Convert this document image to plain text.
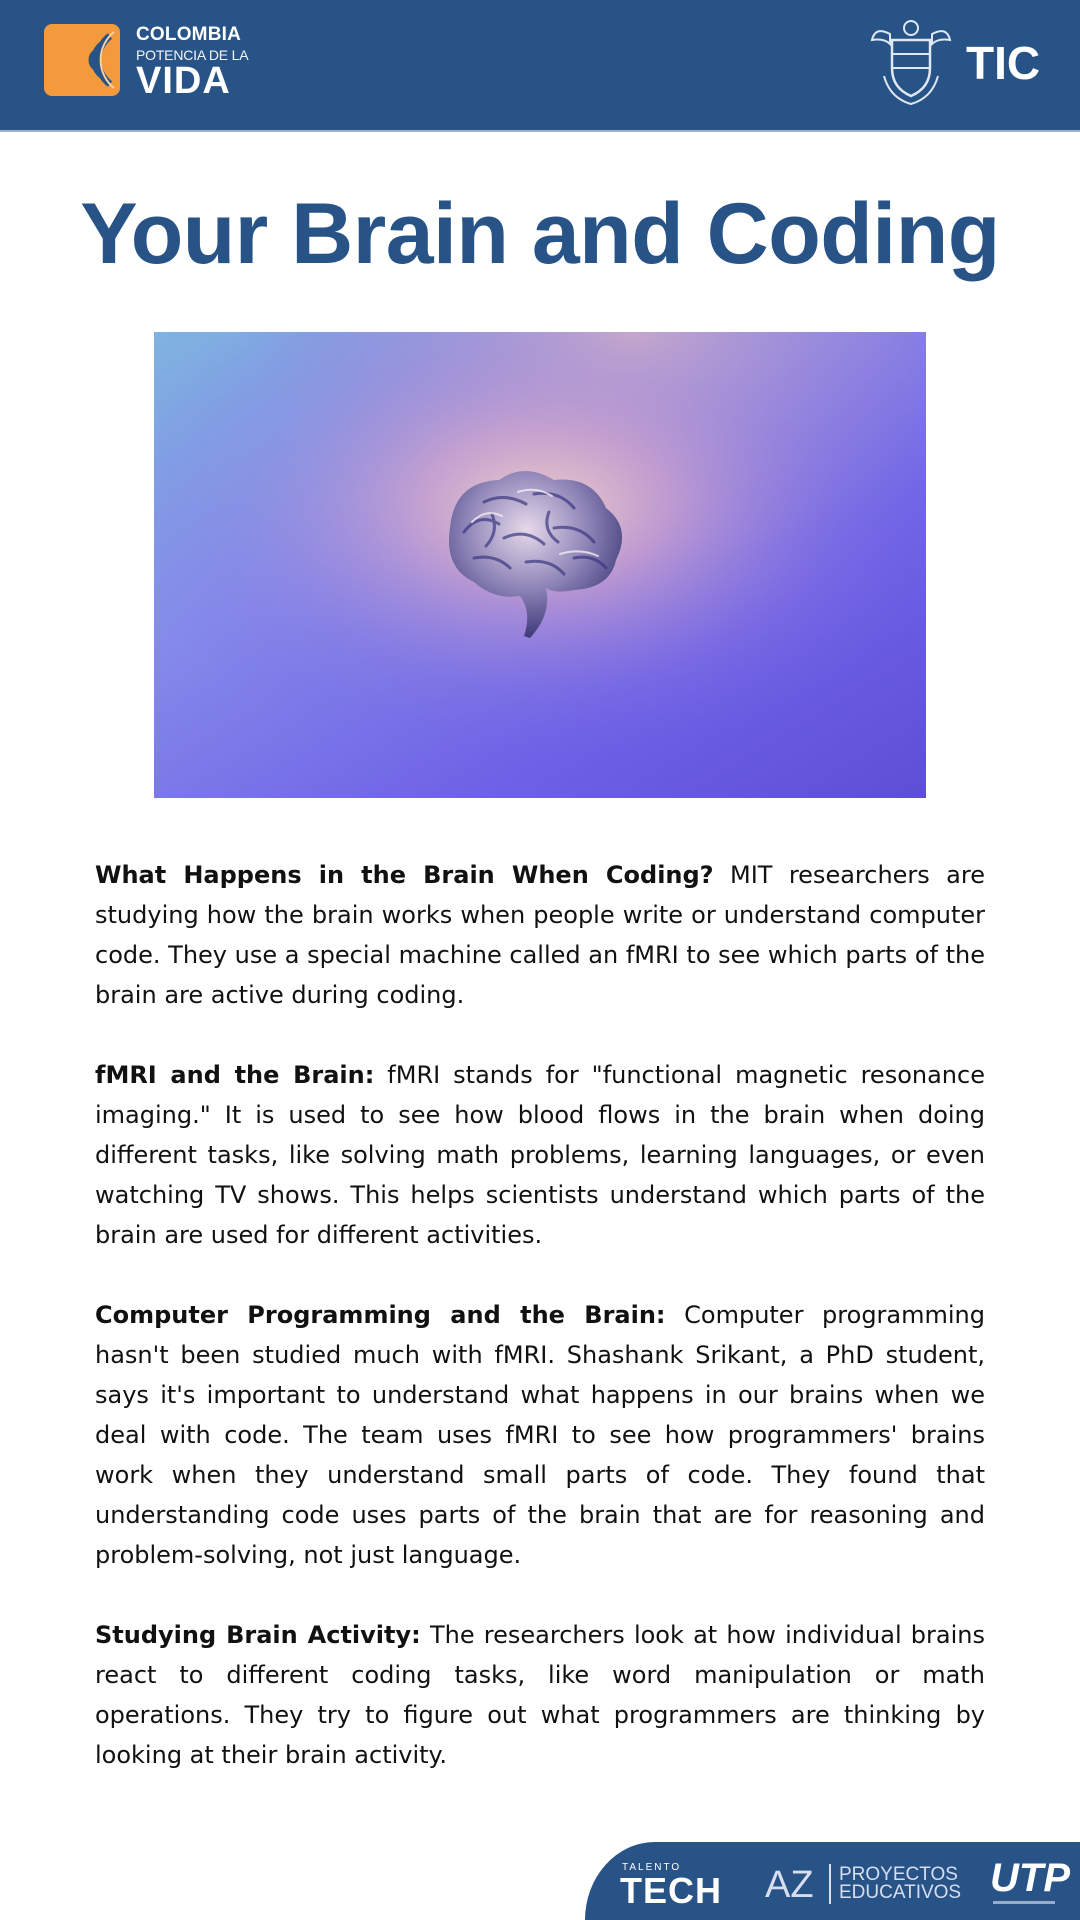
COLOMBIA
POTENCIA DE LA
VIDA	TIC
Your Brain and Coding

What Happens in the Brain When Coding? MIT researchers are studying how the brain works when people write or understand computer code. They use a special machine called an fMRI to see which parts of the brain are active during coding.

fMRI and the Brain: fMRI stands for "functional magnetic resonance imaging." It is used to see how blood flows in the brain when doing different tasks, like solving math problems, learning languages, or even watching TV shows. This helps scientists understand which parts of the brain are used for different activities.

Computer Programming and the Brain: Computer programming hasn't been studied much with fMRI. Shashank Srikant, a PhD student, says it's important to understand what happens in our brains when we deal with code. The team uses fMRI to see how programmers' brains work when they understand small parts of code. They found that understanding code uses parts of the brain that are for reasoning and problem-solving, not just language.

Studying Brain Activity: The researchers look at how individual brains react to different coding tasks, like word manipulation or math operations. They try to figure out what programmers are thinking by looking at their brain activity.

TALENTO
TECH AZ PROYECTOS
EDUCATIVOS UTP
